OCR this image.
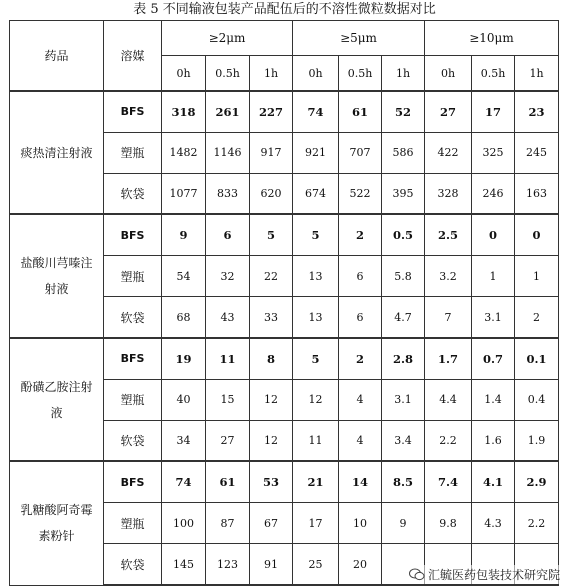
表 5 不同输液包装产品配伍后的不溶性微粒数据对比
药品	溶媒	≥2μm			≥5μm			≥10μm		
		0h	0.5h	1h	0h	0.5h	1h	0h	0.5h	1h
痰热清注射液	BFS	318	261	227	74	61	52	27	17	23
	塑瓶	1482	1146	917	921	707	586	422	325	245
	软袋	1077	833	620	674	522	395	328	246	163
盐酸川芎嗪注射液	BFS	9	6	5	5	2	0.5	2.5	0	0
	塑瓶	54	32	22	13	6	5.8	3.2	1	1
	软袋	68	43	33	13	6	4.7	7	3.1	2
酚磺乙胺注射液	BFS	19	11	8	5	2	2.8	1.7	0.7	0.1
	塑瓶	40	15	12	12	4	3.1	4.4	1.4	0.4
	软袋	34	27	12	11	4	3.4	2.2	1.6	1.9
乳糖酸阿奇霉素粉针	BFS	74	61	53	21	14	8.5	7.4	4.1	2.9
	塑瓶	100	87	67	17	10	9	9.8	4.3	2.2
	软袋	145	123	91	25	20				
汇毓医药包装技术研究院
